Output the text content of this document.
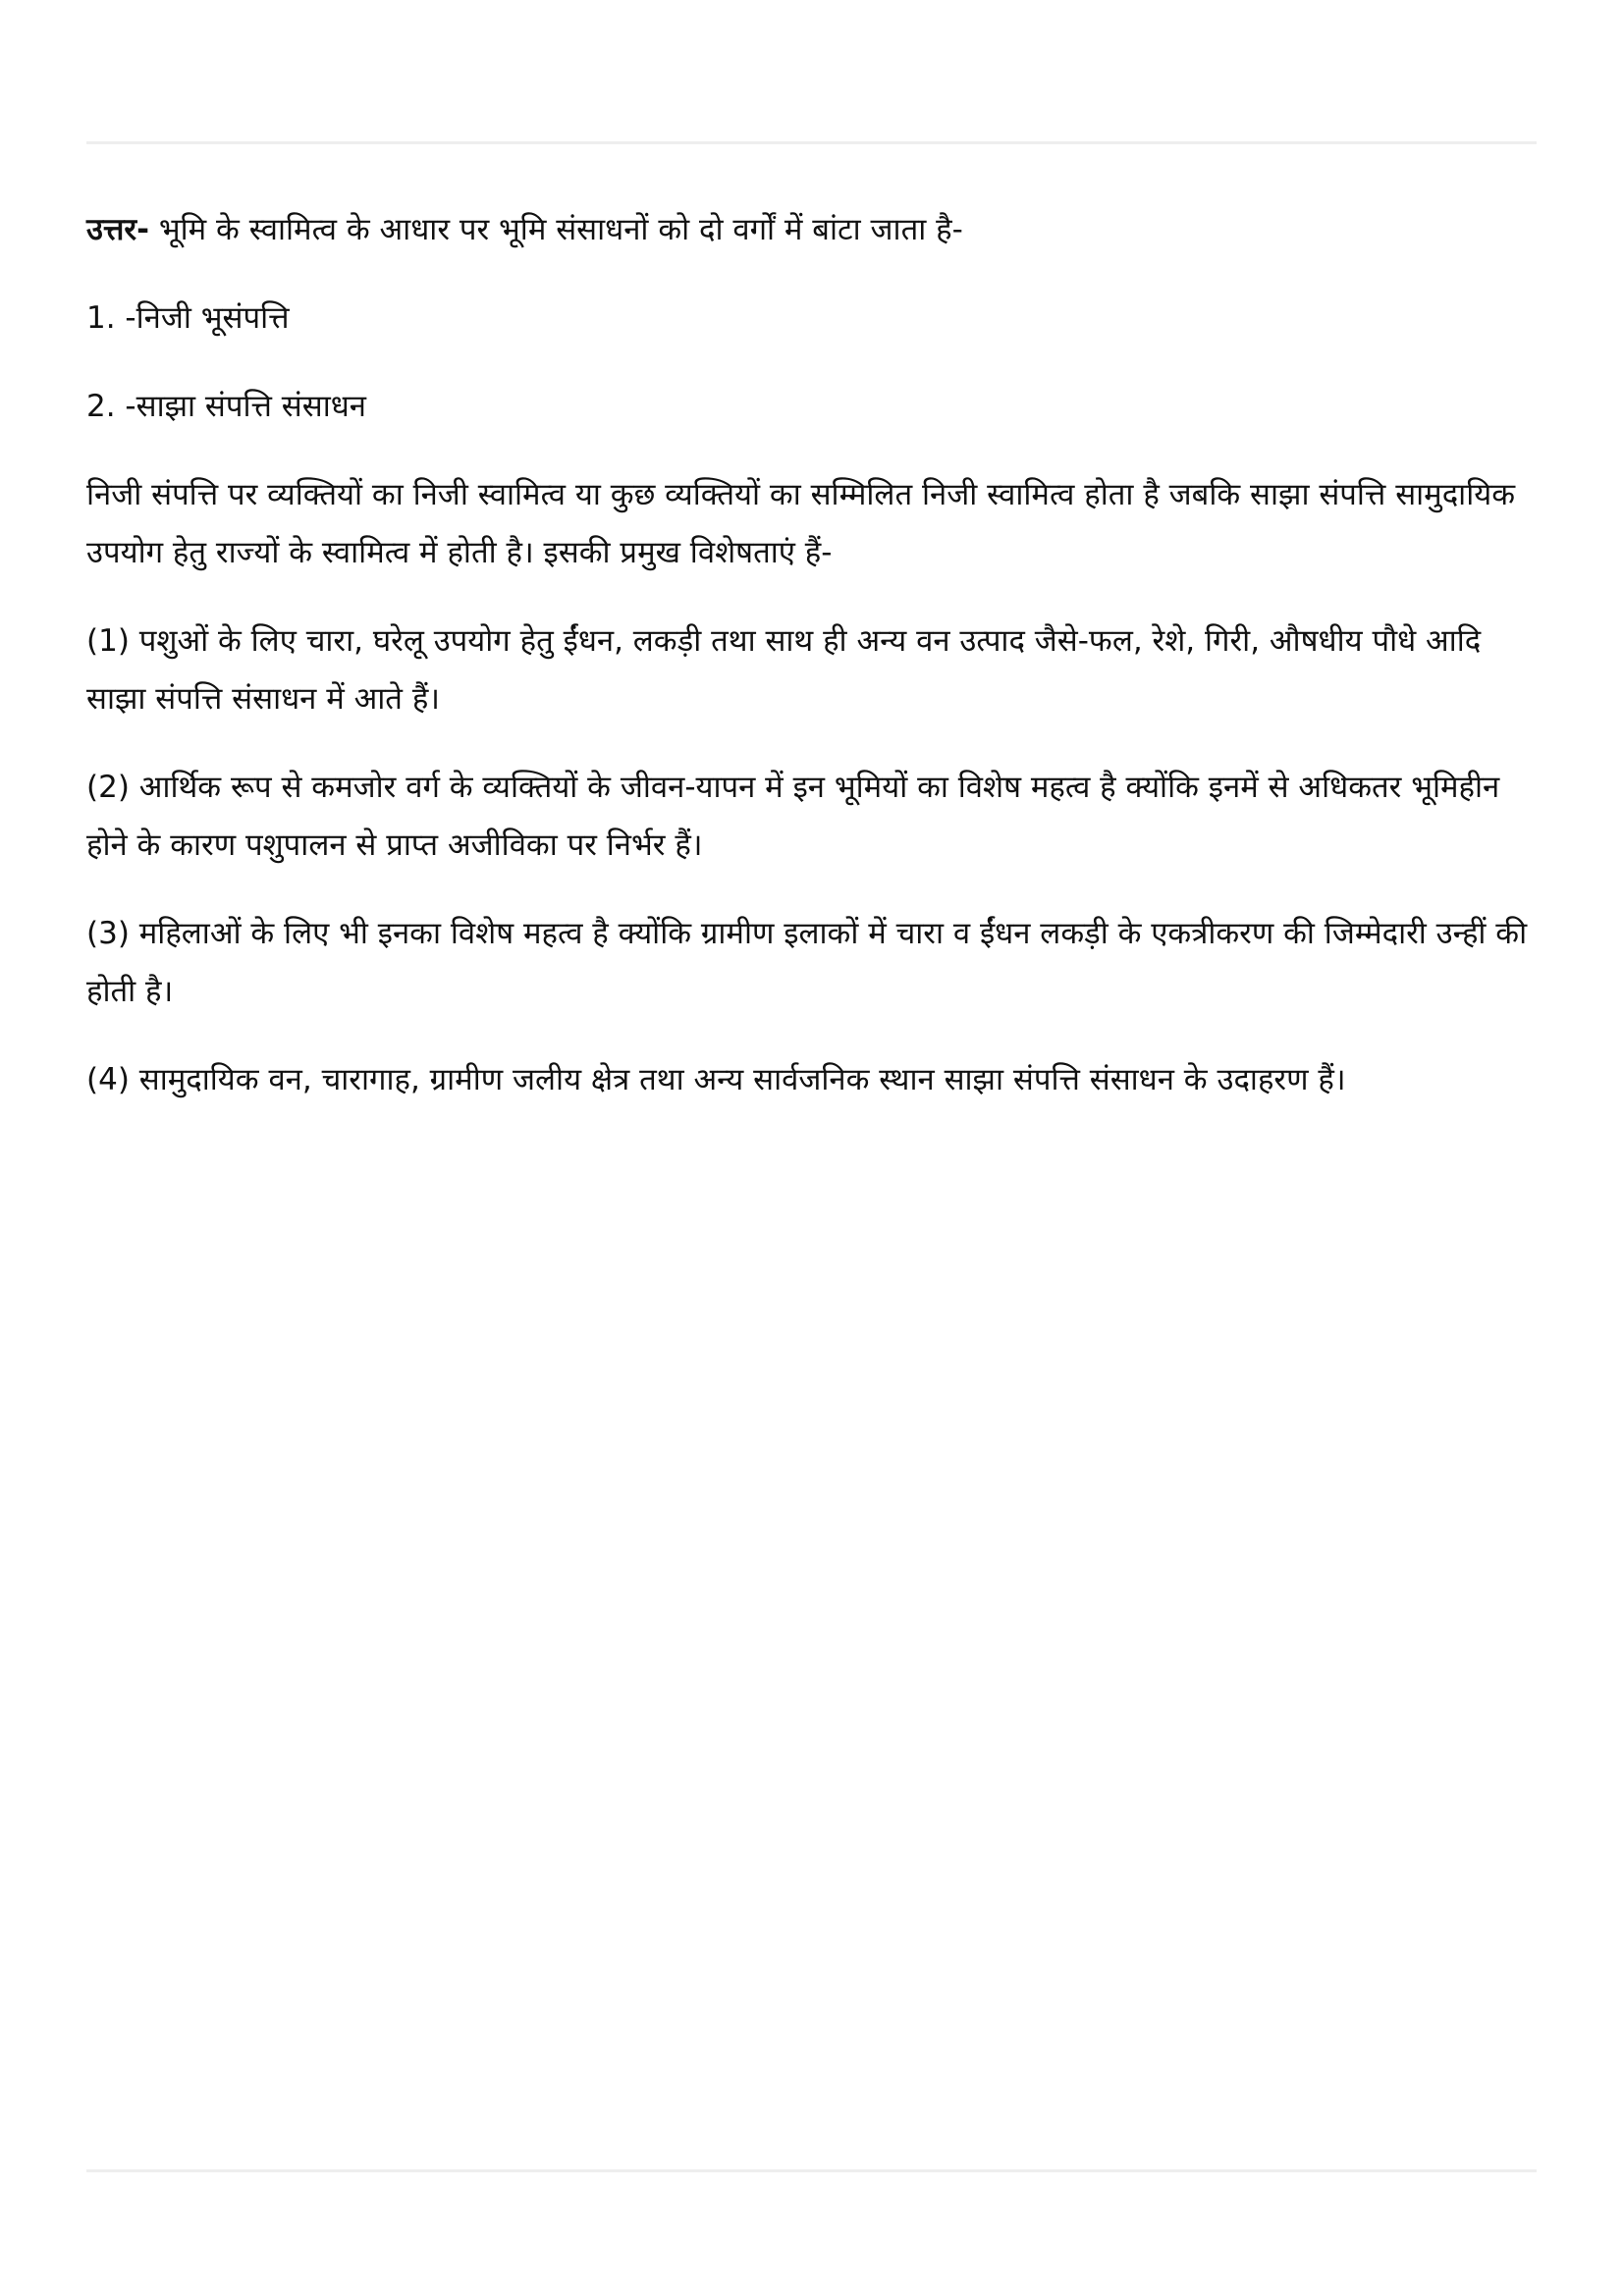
उत्तर- भूमि के स्वामित्व के आधार पर भूमि संसाधनों को दो वर्गों में बांटा जाता है-

1. -निजी भूसंपत्ति

2. -साझा संपत्ति संसाधन

निजी संपत्ति पर व्यक्तियों का निजी स्वामित्व या कुछ व्यक्तियों का सम्मिलित निजी स्वामित्व होता है जबकि साझा संपत्ति सामुदायिक उपयोग हेतु राज्यों के स्वामित्व में होती है। इसकी प्रमुख विशेषताएं हैं-

(1) पशुओं के लिए चारा, घरेलू उपयोग हेतु ईंधन, लकड़ी तथा साथ ही अन्य वन उत्पाद जैसे-फल, रेशे, गिरी, औषधीय पौधे आदि साझा संपत्ति संसाधन में आते हैं।

(2) आर्थिक रूप से कमजोर वर्ग के व्यक्तियों के जीवन-यापन में इन भूमियों का विशेष महत्व है क्योंकि इनमें से अधिकतर भूमिहीन होने के कारण पशुपालन से प्राप्त अजीविका पर निर्भर हैं।

(3) महिलाओं के लिए भी इनका विशेष महत्व है क्योंकि ग्रामीण इलाकों में चारा व ईंधन लकड़ी के एकत्रीकरण की जिम्मेदारी उन्हीं की होती है।

(4) सामुदायिक वन, चारागाह, ग्रामीण जलीय क्षेत्र तथा अन्य सार्वजनिक स्थान साझा संपत्ति संसाधन के उदाहरण हैं।
